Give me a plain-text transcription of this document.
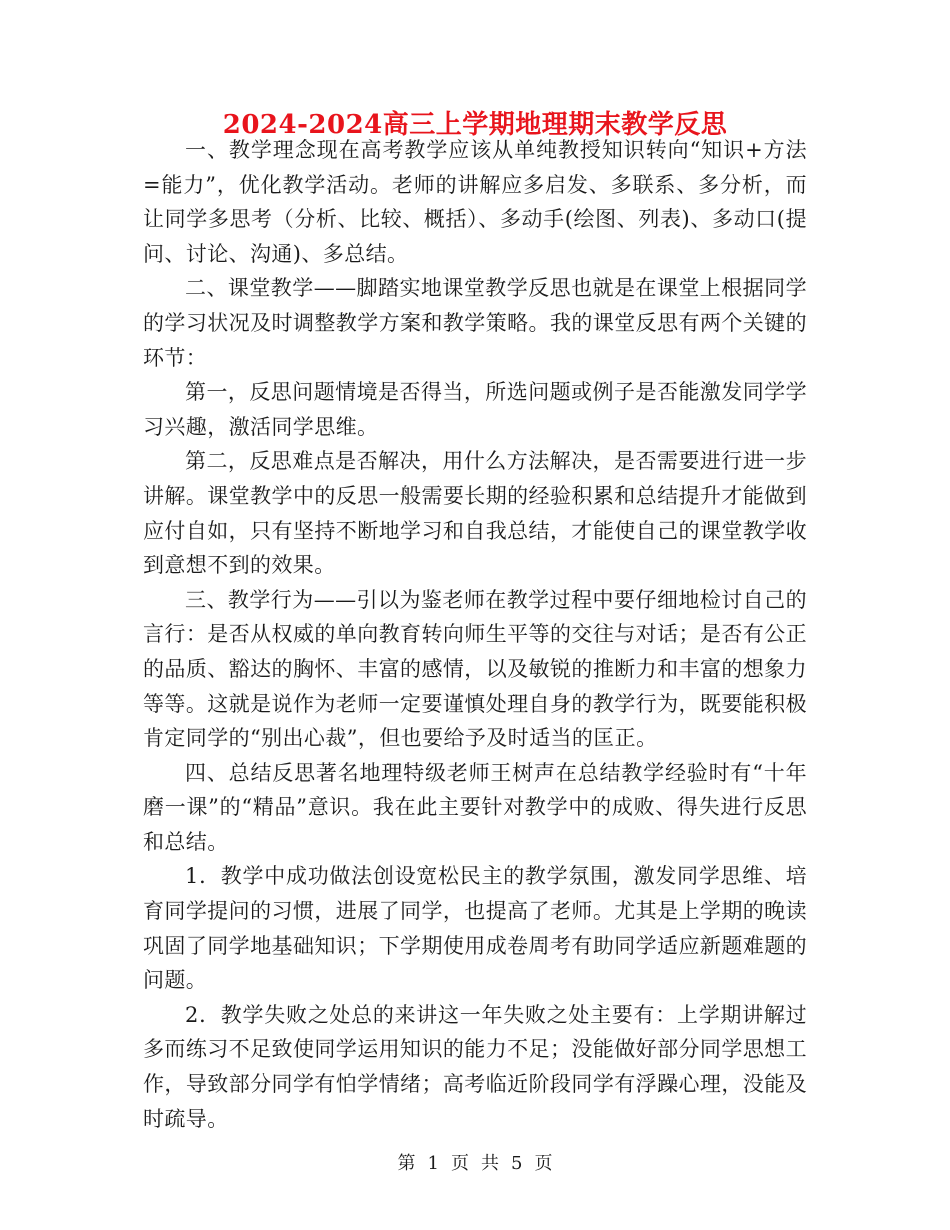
2024-2024高三上学期地理期末教学反思

一、教学理念现在高考教学应该从单纯教授知识转向“知识+方法=能力”，优化教学活动。老师的讲解应多启发、多联系、多分析，而让同学多思考（分析、比较、概括）、多动手(绘图、列表)、多动口(提问、讨论、沟通)、多总结。

二、课堂教学——脚踏实地课堂教学反思也就是在课堂上根据同学的学习状况及时调整教学方案和教学策略。我的课堂反思有两个关键的环节：

第一，反思问题情境是否得当，所选问题或例子是否能激发同学学习兴趣，激活同学思维。

第二，反思难点是否解决，用什么方法解决，是否需要进行进一步讲解。课堂教学中的反思一般需要长期的经验积累和总结提升才能做到应付自如，只有坚持不断地学习和自我总结，才能使自己的课堂教学收到意想不到的效果。

三、教学行为——引以为鉴老师在教学过程中要仔细地检讨自己的言行：是否从权威的单向教育转向师生平等的交往与对话；是否有公正的品质、豁达的胸怀、丰富的感情，以及敏锐的推断力和丰富的想象力等等。这就是说作为老师一定要谨慎处理自身的教学行为，既要能积极肯定同学的“别出心裁”，但也要给予及时适当的匡正。

四、总结反思著名地理特级老师王树声在总结教学经验时有“十年磨一课”的“精品”意识。我在此主要针对教学中的成败、得失进行反思和总结。

1．教学中成功做法创设宽松民主的教学氛围，激发同学思维、培育同学提问的习惯，进展了同学，也提高了老师。尤其是上学期的晚读巩固了同学地基础知识；下学期使用成卷周考有助同学适应新题难题的问题。

2．教学失败之处总的来讲这一年失败之处主要有：上学期讲解过多而练习不足致使同学运用知识的能力不足；没能做好部分同学思想工作，导致部分同学有怕学情绪；高考临近阶段同学有浮躁心理，没能及时疏导。

第 1 页 共 5 页
